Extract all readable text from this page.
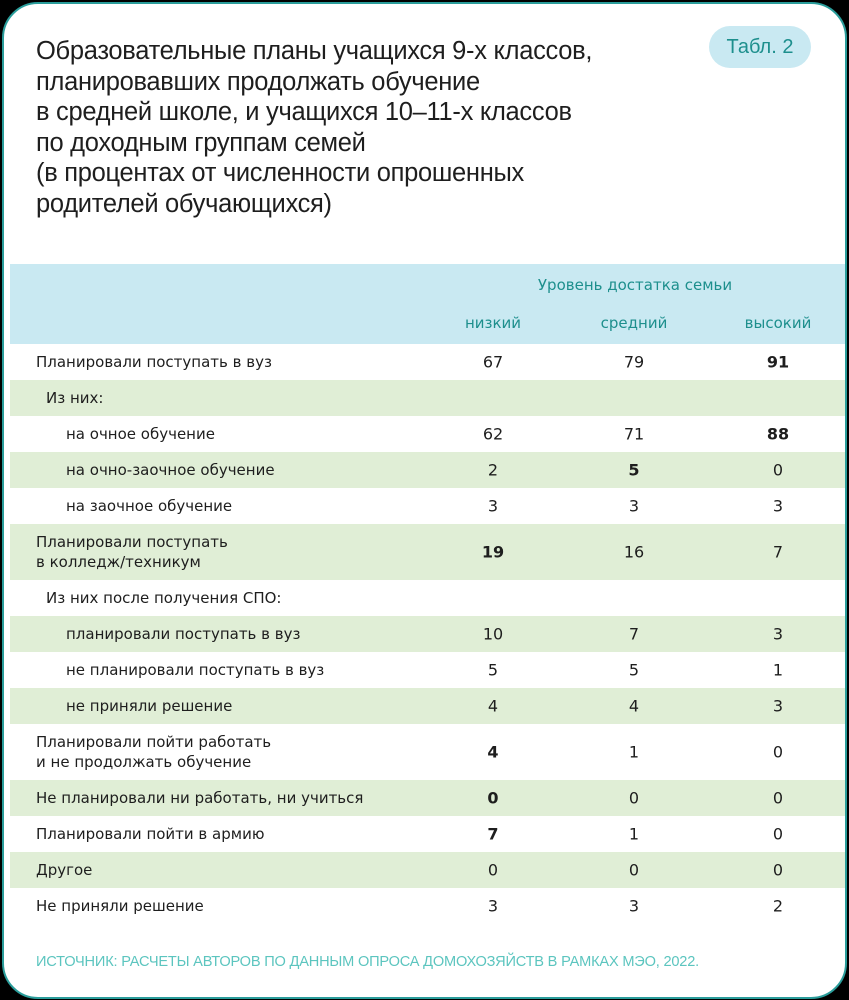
Образовательные планы учащихся 9-х классов,
планировавших продолжать обучение
в средней школе, и учащихся 10–11-х классов
по доходным группам семей
(в процентах от численности опрошенных
родителей обучающихся)
Табл. 2
Уровень достатка семьи
низкий	средний	высокий
Планировали поступать в вуз	67	79	91
Из них:
на очное обучение	62	71	88
на очно-заочное обучение	2	5	0
на заочное обучение	3	3	3
Планировали поступать
в колледж/техникум
19	16	7
Из них после получения СПО:
планировали поступать в вуз	10	7	3
не планировали поступать в вуз	5	5	1
не приняли решение	4	4	3
Планировали пойти работать
и не продолжать обучение
4	1	0
Не планировали ни работать, ни учиться	0	0	0
Планировали пойти в армию	7	1	0
Другое	0	0	0
Не приняли решение	3	3	2
ИСТОЧНИК: РАСЧЕТЫ АВТОРОВ ПО ДАННЫМ ОПРОСА ДОМОХОЗЯЙСТВ В РАМКАХ МЭО, 2022.
